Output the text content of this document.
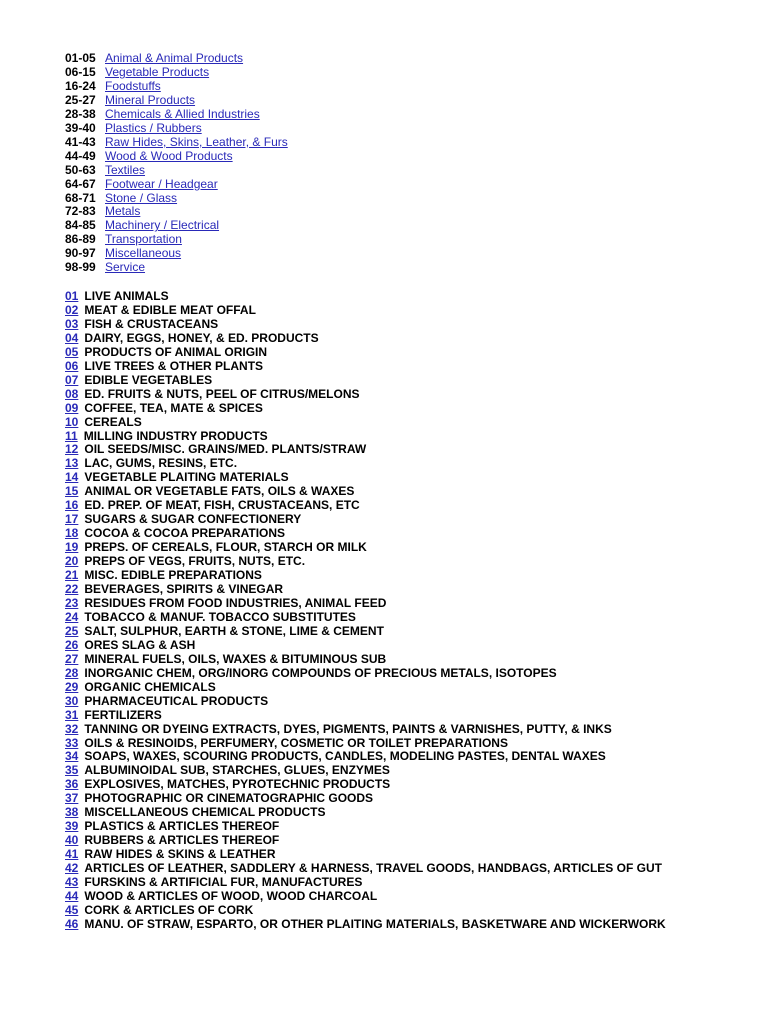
01-05 Animal & Animal Products
06-15 Vegetable Products
16-24 Foodstuffs
25-27 Mineral Products
28-38 Chemicals & Allied Industries
39-40 Plastics / Rubbers
41-43 Raw Hides, Skins, Leather, & Furs
44-49 Wood & Wood Products
50-63 Textiles
64-67 Footwear / Headgear
68-71 Stone / Glass
72-83 Metals
84-85 Machinery / Electrical
86-89 Transportation
90-97 Miscellaneous
98-99 Service
01 LIVE ANIMALS
02 MEAT & EDIBLE MEAT OFFAL
03 FISH & CRUSTACEANS
04 DAIRY, EGGS, HONEY, & ED. PRODUCTS
05 PRODUCTS OF ANIMAL ORIGIN
06 LIVE TREES & OTHER PLANTS
07 EDIBLE VEGETABLES
08 ED. FRUITS & NUTS, PEEL OF CITRUS/MELONS
09 COFFEE, TEA, MATE & SPICES
10 CEREALS
11 MILLING INDUSTRY PRODUCTS
12 OIL SEEDS/MISC. GRAINS/MED. PLANTS/STRAW
13 LAC, GUMS, RESINS, ETC.
14 VEGETABLE PLAITING MATERIALS
15 ANIMAL OR VEGETABLE FATS, OILS & WAXES
16 ED. PREP. OF MEAT, FISH, CRUSTACEANS, ETC
17 SUGARS & SUGAR CONFECTIONERY
18 COCOA & COCOA PREPARATIONS
19 PREPS. OF CEREALS, FLOUR, STARCH OR MILK
20 PREPS OF VEGS, FRUITS, NUTS, ETC.
21 MISC. EDIBLE PREPARATIONS
22 BEVERAGES, SPIRITS & VINEGAR
23 RESIDUES FROM FOOD INDUSTRIES, ANIMAL FEED
24 TOBACCO & MANUF. TOBACCO SUBSTITUTES
25 SALT, SULPHUR, EARTH & STONE, LIME & CEMENT
26 ORES SLAG & ASH
27 MINERAL FUELS, OILS, WAXES & BITUMINOUS SUB
28 INORGANIC CHEM, ORG/INORG COMPOUNDS OF PRECIOUS METALS, ISOTOPES
29 ORGANIC CHEMICALS
30 PHARMACEUTICAL PRODUCTS
31 FERTILIZERS
32 TANNING OR DYEING EXTRACTS, DYES, PIGMENTS, PAINTS & VARNISHES, PUTTY, & INKS
33 OILS & RESINOIDS, PERFUMERY, COSMETIC OR TOILET PREPARATIONS
34 SOAPS, WAXES, SCOURING PRODUCTS, CANDLES, MODELING PASTES, DENTAL WAXES
35 ALBUMINOIDAL SUB, STARCHES, GLUES, ENZYMES
36 EXPLOSIVES, MATCHES, PYROTECHNIC PRODUCTS
37 PHOTOGRAPHIC OR CINEMATOGRAPHIC GOODS
38 MISCELLANEOUS CHEMICAL PRODUCTS
39 PLASTICS & ARTICLES THEREOF
40 RUBBERS & ARTICLES THEREOF
41 RAW HIDES & SKINS & LEATHER
42 ARTICLES OF LEATHER, SADDLERY & HARNESS, TRAVEL GOODS, HANDBAGS, ARTICLES OF GUT
43 FURSKINS & ARTIFICIAL FUR, MANUFACTURES
44 WOOD & ARTICLES OF WOOD, WOOD CHARCOAL
45 CORK & ARTICLES OF CORK
46 MANU. OF STRAW, ESPARTO, OR OTHER PLAITING MATERIALS, BASKETWARE AND WICKERWORK
